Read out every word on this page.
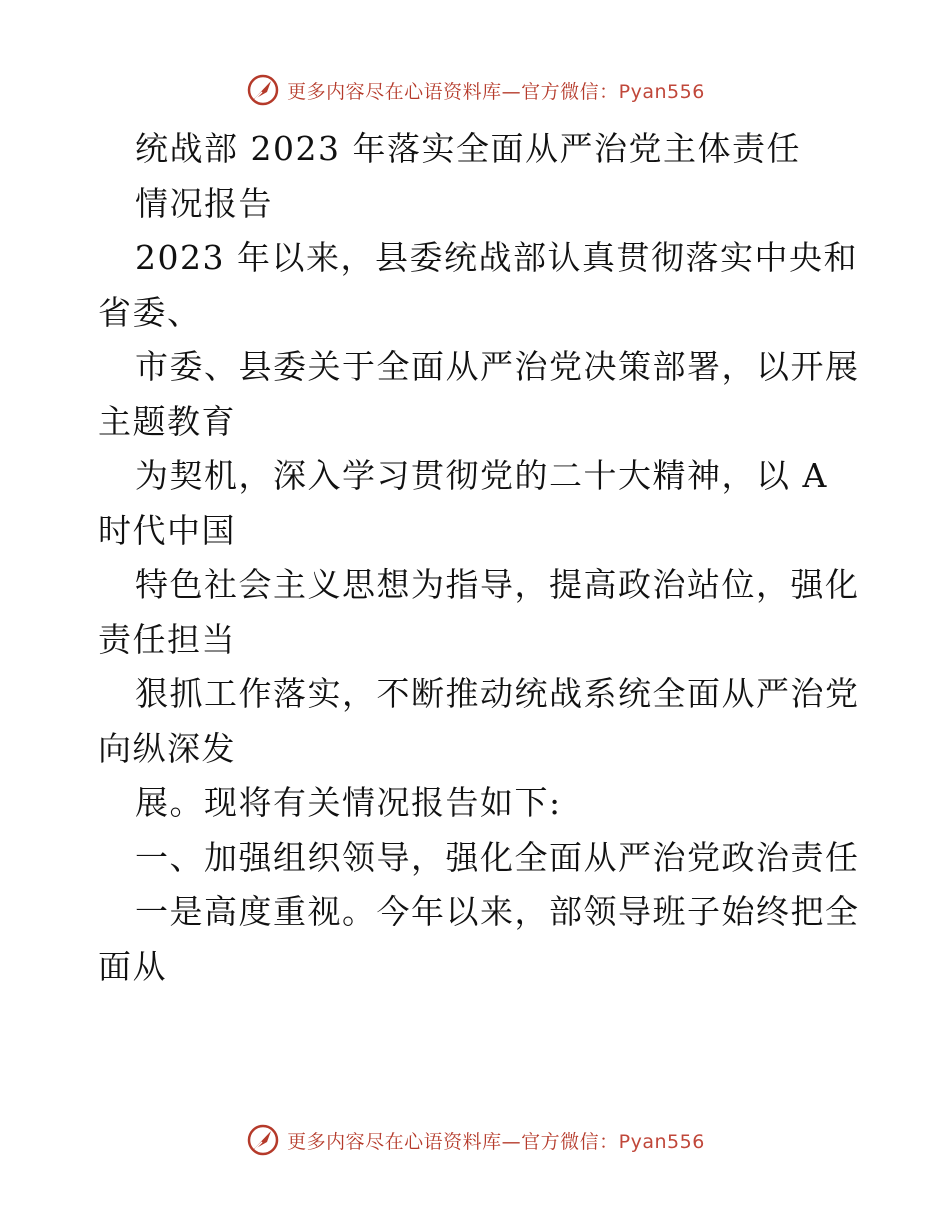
更多内容尽在心语资料库—官方微信：Pyan556
统战部 2023 年落实全面从严治党主体责任
情况报告
2023 年以来，县委统战部认真贯彻落实中央和
省委、
市委、县委关于全面从严治党决策部署，以开展
主题教育
为契机，深入学习贯彻党的二十大精神，以 A
时代中国
特色社会主义思想为指导，提高政治站位，强化
责任担当
狠抓工作落实，不断推动统战系统全面从严治党
向纵深发
展。现将有关情况报告如下:
一、加强组织领导，强化全面从严治党政治责任
一是高度重视。今年以来，部领导班子始终把全
面从
更多内容尽在心语资料库—官方微信：Pyan556
